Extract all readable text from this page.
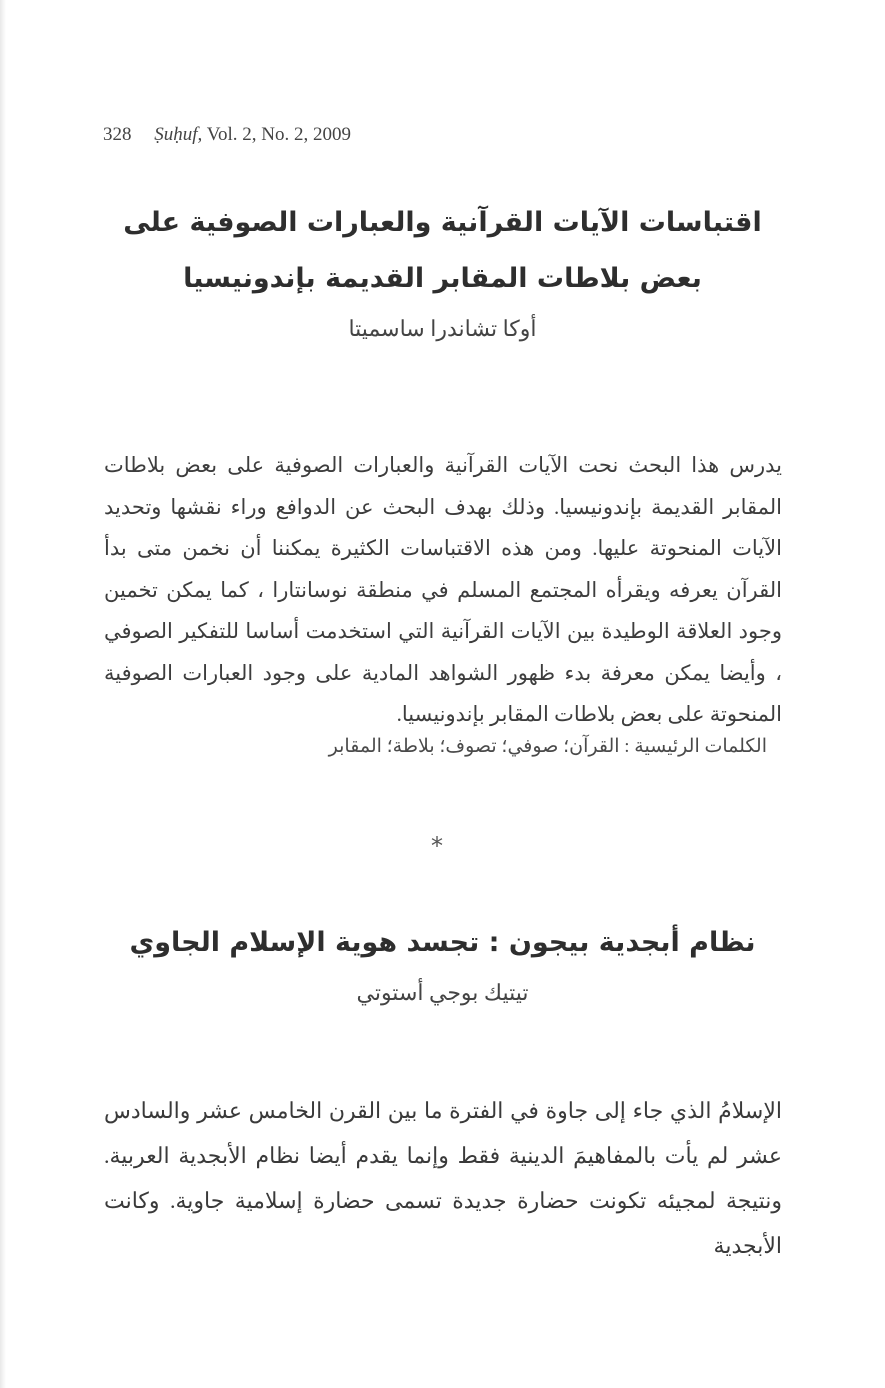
328 Ṣuḥuf, Vol. 2, No. 2, 2009
اقتباسات الآيات القرآنية والعبارات الصوفية على بعض بلاطات المقابر القديمة بإندونيسيا
أوكا تشاندرا ساسميتا

يدرس هذا البحث نحت الآيات القرآنية والعبارات الصوفية على بعض بلاطات المقابر القديمة بإندونيسيا. وذلك بهدف البحث عن الدوافع وراء نقشها وتحديد الآيات المنحوتة عليها. ومن هذه الاقتباسات الكثيرة يمكننا أن نخمن متى بدأ القرآن يعرفه ويقرأه المجتمع المسلم في منطقة نوسانتارا ، كما يمكن تخمين وجود العلاقة الوطيدة بين الآيات القرآنية التي استخدمت أساسا للتفكير الصوفي ، وأيضا يمكن معرفة بدء ظهور الشواهد المادية على وجود العبارات الصوفية المنحوتة على بعض بلاطات المقابر بإندونيسيا.

الكلمات الرئيسية : القرآن؛ صوفي؛ تصوف؛ بلاطة؛ المقابر
*
نظام أبجدية بيجون : تجسد هوية الإسلام الجاوي
تيتيك بوجي أستوتي

الإسلامُ الذي جاء إلى جاوة في الفترة ما بين القرن الخامس عشر والسادس عشر لم يأت بالمفاهيمَ الدينية فقط وإنما يقدم أيضا نظام الأبجدية العربية. ونتيجة لمجيئه تكونت حضارة جديدة تسمى حضارة إسلامية جاوية. وكانت الأبجدية
